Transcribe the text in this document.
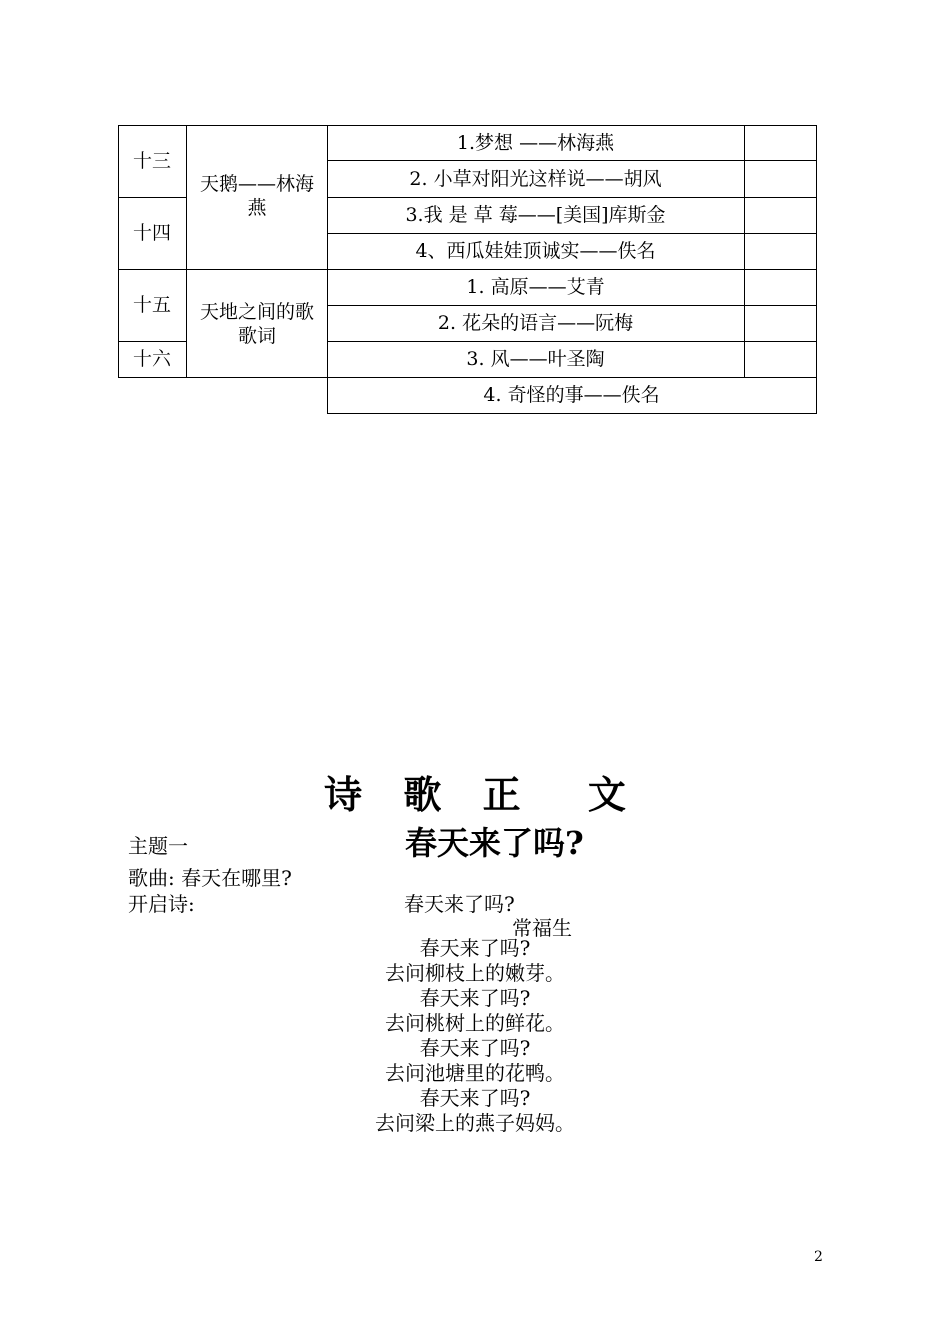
十三
十四
十五
十六
天鹅——林海燕
天地之间的歌歌词
1.梦想 ——林海燕
2. 小草对阳光这样说——胡风
3.我 是 草 莓——[美国]库斯金
4、西瓜娃娃顶诚实——佚名
1. 高原——艾青
2. 花朵的语言——阮梅
3. 风——叶圣陶
4. 奇怪的事——佚名
诗 歌 正 文
主题一	春天来了吗?
歌曲: 春天在哪里?
开启诗:	春天来了吗?
常福生
春天来了吗?
去问柳枝上的嫩芽。
春天来了吗?
去问桃树上的鲜花。
春天来了吗?
去问池塘里的花鸭。
春天来了吗?
去问梁上的燕子妈妈。
2
